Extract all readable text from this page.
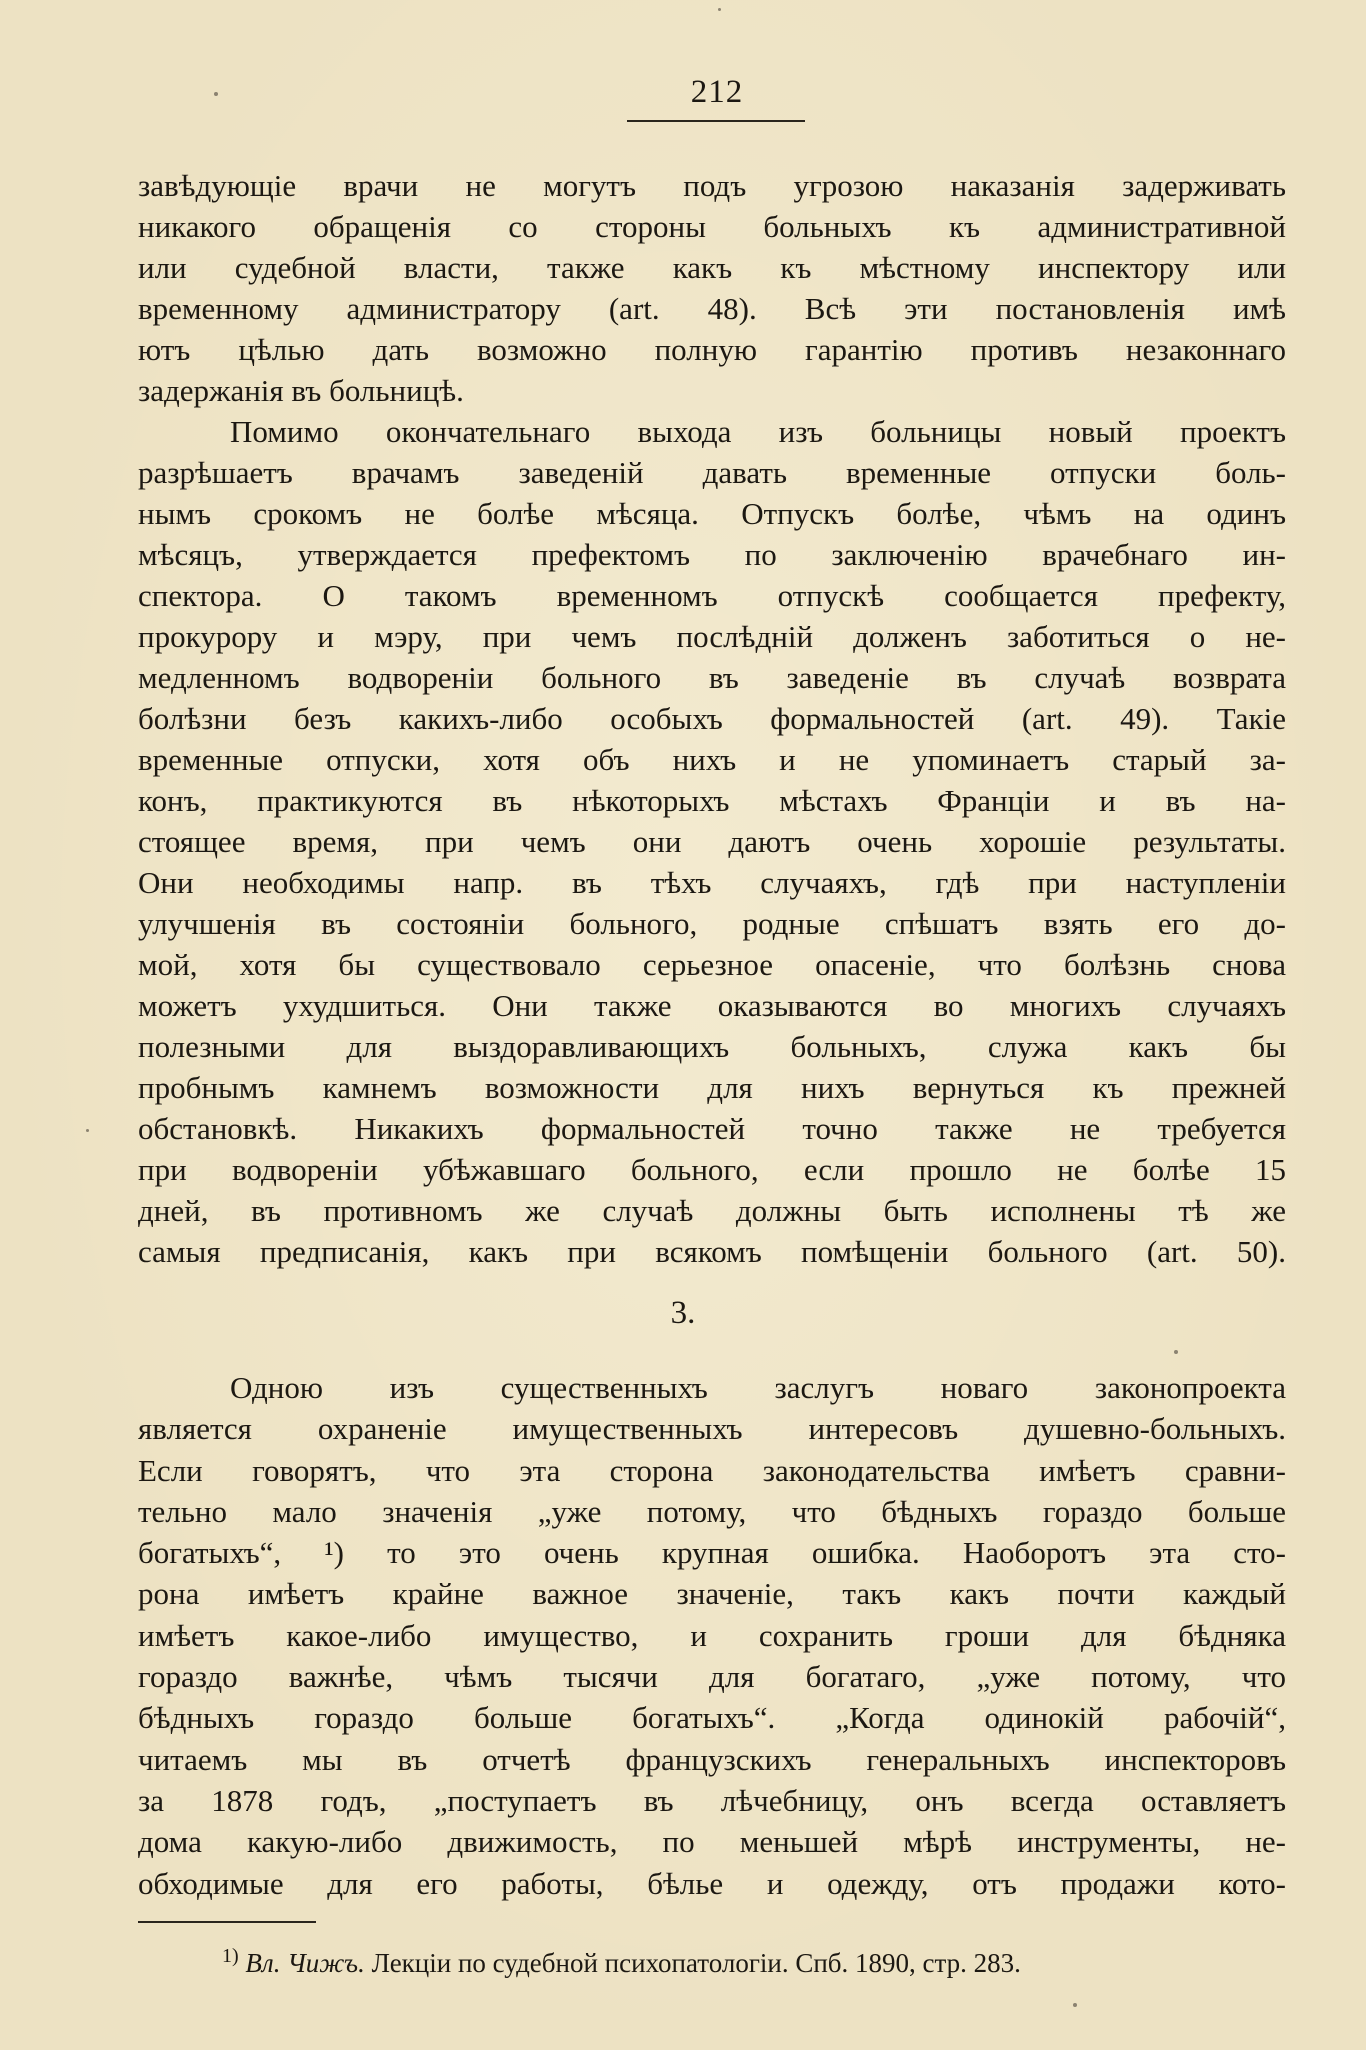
212
завѣдующіе врачи не могутъ подъ угрозою наказанія задерживать
никакого обращенія со стороны больныхъ къ административной
или судебной власти, также какъ къ мѣстному инспектору или
временному администратору (art. 48). Всѣ эти постановленія имѣ
ютъ цѣлью дать возможно полную гарантію противъ незаконнаго
задержанія въ больницѣ.
Помимо окончательнаго выхода изъ больницы новый проектъ
разрѣшаетъ врачамъ заведеній давать временные отпуски боль-
нымъ срокомъ не болѣе мѣсяца. Отпускъ болѣе, чѣмъ на одинъ
мѣсяцъ, утверждается префектомъ по заключенію врачебнаго ин-
спектора. О такомъ временномъ отпускѣ сообщается префекту,
прокурору и мэру, при чемъ послѣдній долженъ заботиться о не-
медленномъ водвореніи больного въ заведеніе въ случаѣ возврата
болѣзни безъ какихъ-либо особыхъ формальностей (art. 49). Такіе
временные отпуски, хотя объ нихъ и не упоминаетъ старый за-
конъ, практикуются въ нѣкоторыхъ мѣстахъ Франціи и въ на-
стоящее время, при чемъ они даютъ очень хорошіе результаты.
Они необходимы напр. въ тѣхъ случаяхъ, гдѣ при наступленіи
улучшенія въ состояніи больного, родные спѣшатъ взять его до-
мой, хотя бы существовало серьезное опасеніе, что болѣзнь снова
можетъ ухудшиться. Они также оказываются во многихъ случаяхъ
полезными для выздоравливающихъ больныхъ, служа какъ бы
пробнымъ камнемъ возможности для нихъ вернуться къ прежней
обстановкѣ. Никакихъ формальностей точно также не требуется
при водвореніи убѣжавшаго больного, если прошло не болѣе 15
дней, въ противномъ же случаѣ должны быть исполнены тѣ же
самыя предписанія, какъ при всякомъ помѣщеніи больного (art. 50).
3.
Одною изъ существенныхъ заслугъ новаго законопроекта
является охраненіе имущественныхъ интересовъ душевно-больныхъ.
Если говорятъ, что эта сторона законодательства имѣетъ сравни-
тельно мало значенія „уже потому, что бѣдныхъ гораздо больше
богатыхъ“, ¹) то это очень крупная ошибка. Наоборотъ эта сто-
рона имѣетъ крайне важное значеніе, такъ какъ почти каждый
имѣетъ какое-либо имущество, и сохранить гроши для бѣдняка
гораздо важнѣе, чѣмъ тысячи для богатаго, „уже потому, что
бѣдныхъ гораздо больше богатыхъ“. „Когда одинокій рабочій“,
читаемъ мы въ отчетѣ французскихъ генеральныхъ инспекторовъ
за 1878 годъ, „поступаетъ въ лѣчебницу, онъ всегда оставляетъ
дома какую-либо движимость, по меньшей мѣрѣ инструменты, не-
обходимые для его работы, бѣлье и одежду, отъ продажи кото-
$^{1)}$ Вл. Чижъ. Лекціи по судебной психопатологіи. Спб. 1890, стр. 283.
